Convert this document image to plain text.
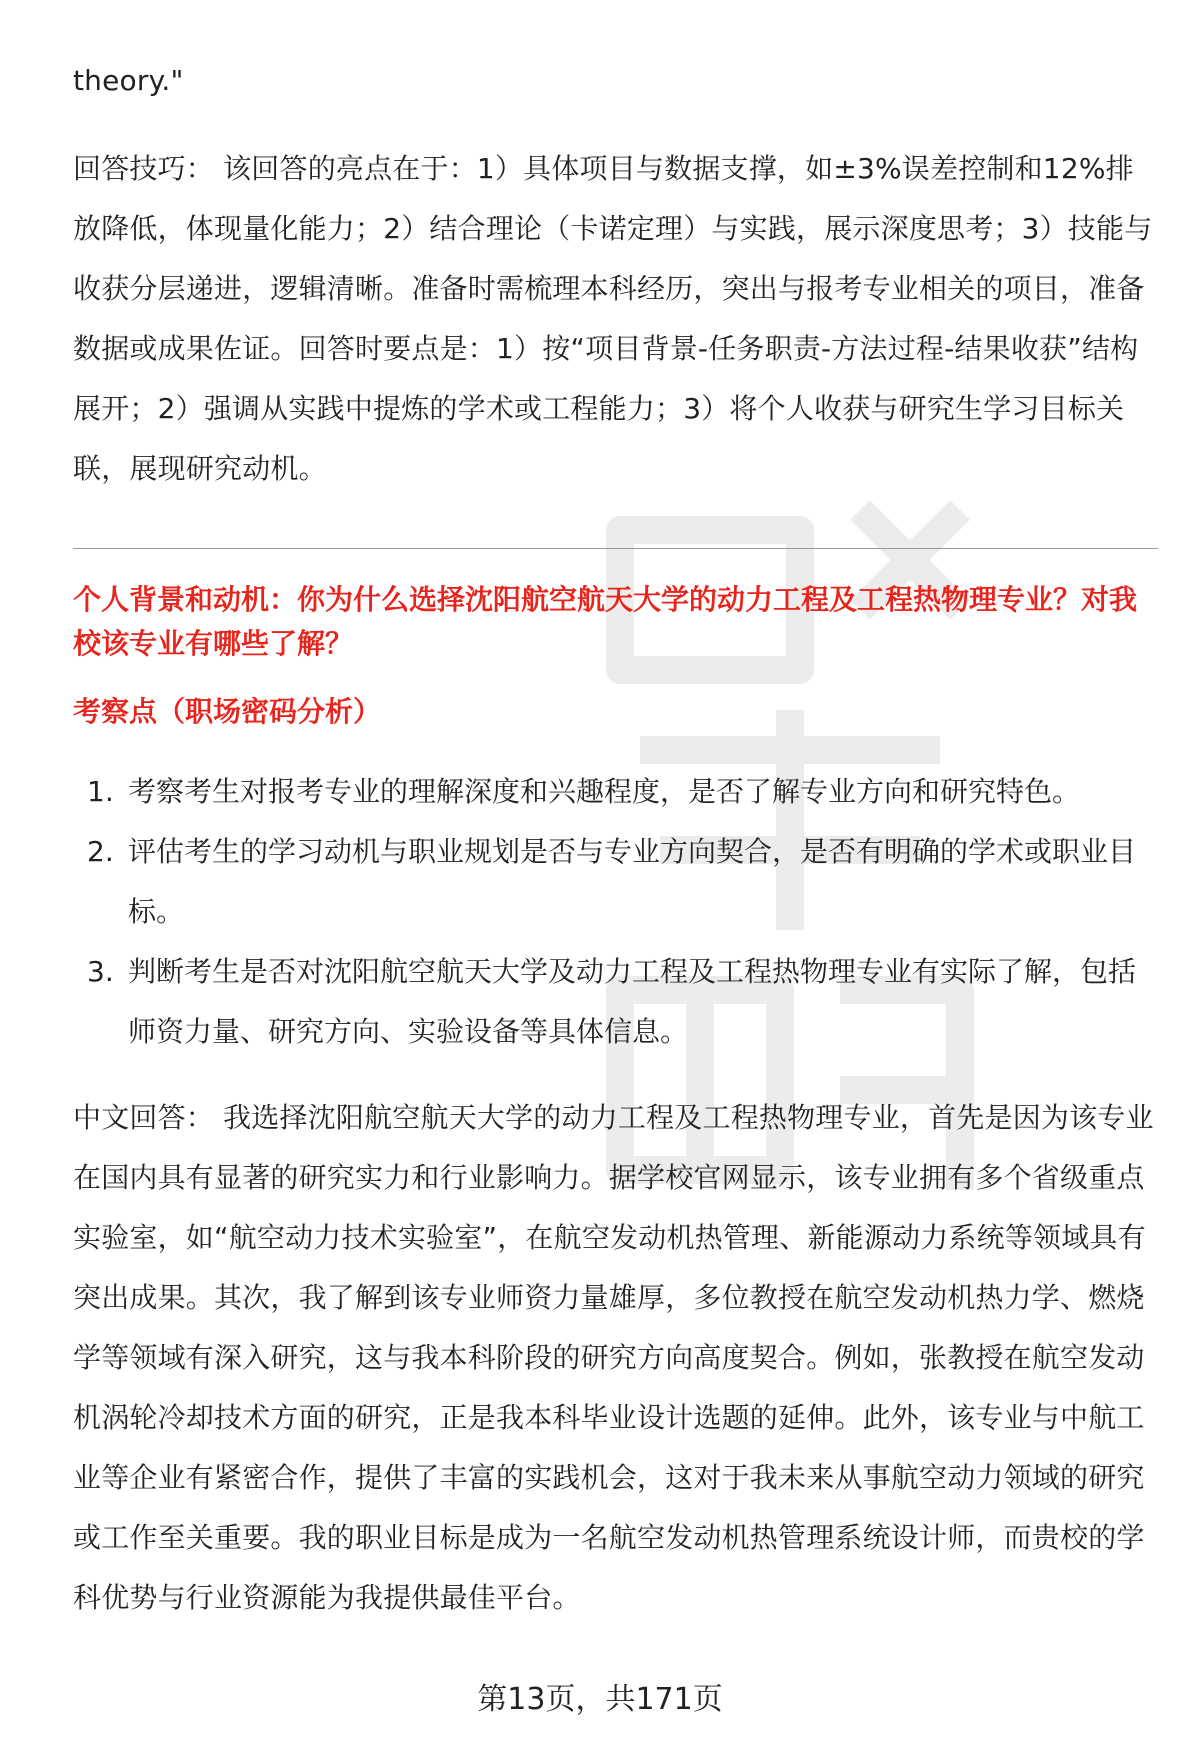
theory."

回答技巧： 该回答的亮点在于：1）具体项目与数据支撑，如±3%误差控制和12%排放降低，体现量化能力；2）结合理论（卡诺定理）与实践，展示深度思考；3）技能与收获分层递进，逻辑清晰。准备时需梳理本科经历，突出与报考专业相关的项目，准备数据或成果佐证。回答时要点是：1）按“项目背景-任务职责-方法过程-结果收获”结构展开；2）强调从实践中提炼的学术或工程能力；3）将个人收获与研究生学习目标关联，展现研究动机。

个人背景和动机：你为什么选择沈阳航空航天大学的动力工程及工程热物理专业？对我校该专业有哪些了解？
考察点（职场密码分析）
1. 考察考生对报考专业的理解深度和兴趣程度，是否了解专业方向和研究特色。
2. 评估考生的学习动机与职业规划是否与专业方向契合，是否有明确的学术或职业目标。
3. 判断考生是否对沈阳航空航天大学及动力工程及工程热物理专业有实际了解，包括师资力量、研究方向、实验设备等具体信息。

中文回答： 我选择沈阳航空航天大学的动力工程及工程热物理专业，首先是因为该专业在国内具有显著的研究实力和行业影响力。据学校官网显示，该专业拥有多个省级重点实验室，如“航空动力技术实验室”，在航空发动机热管理、新能源动力系统等领域具有突出成果。其次，我了解到该专业师资力量雄厚，多位教授在航空发动机热力学、燃烧学等领域有深入研究，这与我本科阶段的研究方向高度契合。例如，张教授在航空发动机涡轮冷却技术方面的研究，正是我本科毕业设计选题的延伸。此外，该专业与中航工业等企业有紧密合作，提供了丰富的实践机会，这对于我未来从事航空动力领域的研究或工作至关重要。我的职业目标是成为一名航空发动机热管理系统设计师，而贵校的学科优势与行业资源能为我提供最佳平台。

第13页，共171页
